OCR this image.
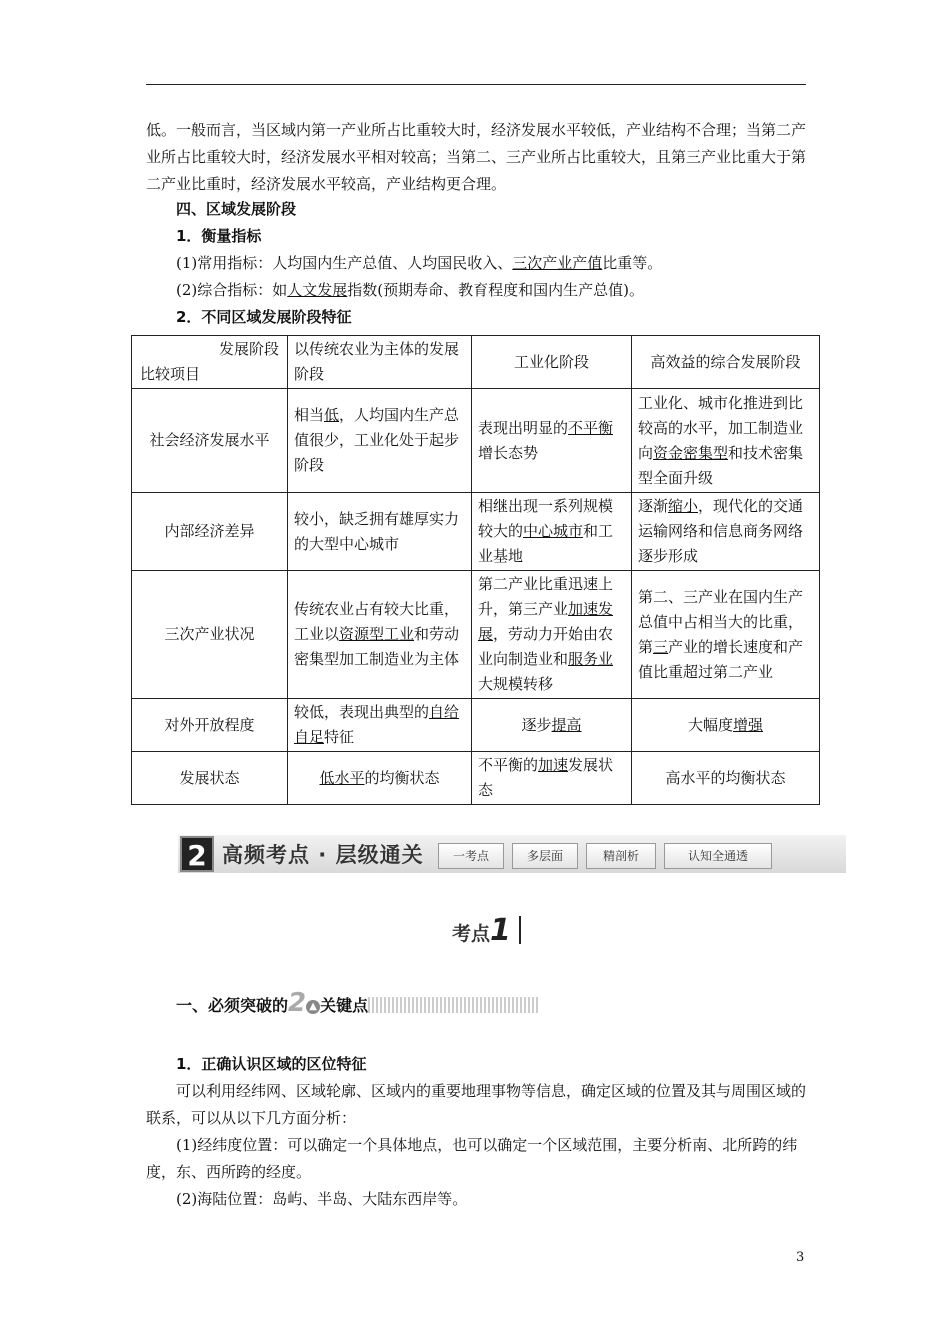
低。一般而言，当区域内第一产业所占比重较大时，经济发展水平较低，产业结构不合理；当第二产业所占比重较大时，经济发展水平相对较高；当第二、三产业所占比重较大，且第三产业比重大于第二产业比重时，经济发展水平较高，产业结构更合理。

四、区域发展阶段

1．衡量指标

(1)常用指标：人均国内生产总值、人均国民收入、三次产业产值比重等。

(2)综合指标：如人文发展指数(预期寿命、教育程度和国内生产总值)。

2．不同区域发展阶段特征

发展阶段
比较项目	以传统农业为主体的发展阶段	工业化阶段	高效益的综合发展阶段
社会经济发展水平	相当低，人均国内生产总值很少，工业化处于起步阶段	表现出明显的不平衡增长态势	工业化、城市化推进到比较高的水平，加工制造业向资金密集型和技术密集型全面升级
内部经济差异	较小，缺乏拥有雄厚实力的大型中心城市	相继出现一系列规模较大的中心城市和工业基地	逐渐缩小，现代化的交通运输网络和信息商务网络逐步形成
三次产业状况	传统农业占有较大比重，工业以资源型工业和劳动密集型加工制造业为主体	第二产业比重迅速上升，第三产业加速发展，劳动力开始由农业向制造业和服务业大规模转移	第二、三产业在国内生产总值中占相当大的比重，第三产业的增长速度和产值比重超过第二产业
对外开放程度	较低，表现出典型的自给自足特征	逐步提高	大幅度增强
发展状态	低水平的均衡状态	不平衡的加速发展状态	高水平的均衡状态
2 高频考点 · 层级通关	一考点	多层面	精剖析	认知全通透
考点1
一、必须突破的2 ▲ 关键点

1．正确认识区域的区位特征

可以利用经纬网、区域轮廓、区域内的重要地理事物等信息，确定区域的位置及其与周围区域的联系，可以从以下几方面分析：

(1)经纬度位置：可以确定一个具体地点，也可以确定一个区域范围，主要分析南、北所跨的纬度，东、西所跨的经度。

(2)海陆位置：岛屿、半岛、大陆东西岸等。

3
